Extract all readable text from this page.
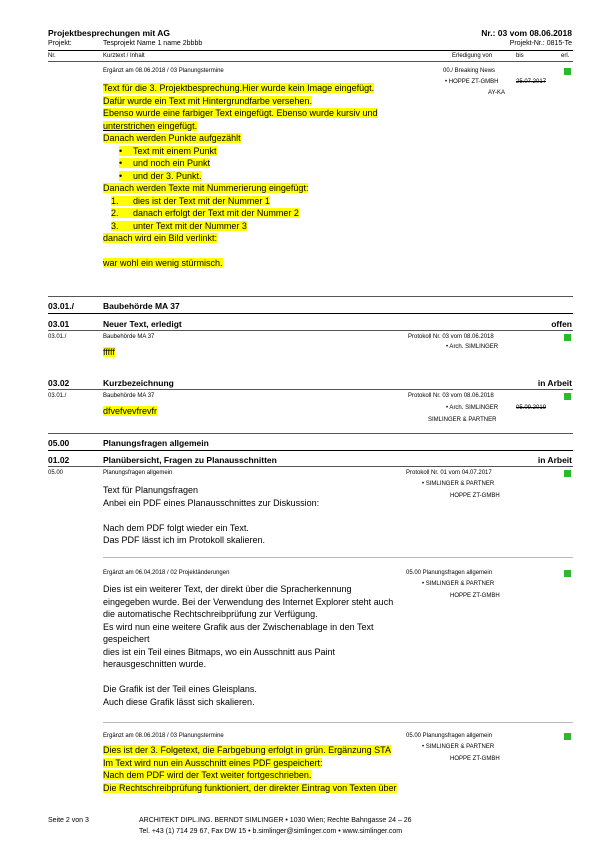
Projektbesprechungen mit AG	Nr.: 03 vom 08.06.2018
Projekt:	Tesprojekt Name 1 name 2bbbb	Projekt-Nr.: 0815-Te
Nr.	Kurztext / Inhalt	Erledigung von	bis	erl.
Ergänzt am 08.06.2018 / 03 Planungstermine	00./ Breaking News
• HOPPE ZT-GMBH
AY-KA
25.07.2017
Text für die 3. Projektbesprechung.Hier wurde kein Image eingefügt.
Dafür wurde ein Text mit Hintergrundfarbe versehen.
Ebenso wurde eine farbiger Text eingefügt. Ebenso wurde kursiv und
unterstrichen eingefügt.
Danach werden Punkte aufgezählt
• Text mit einem Punkt
• und noch ein Punkt
• und der 3. Punkt.
Danach werden Texte mit Nummerierung eingefügt:
1. dies ist der Text mit der Nummer 1
2. danach erfolgt der Text mit der Nummer 2
3. unter Text mit der Nummer 3
danach wird ein Bild verlinkt:
war wohl ein wenig stürmisch.
03.01./	Baubehörde MA 37
03.01	Neuer Text, erledigt	offen
03.01./	Baubehörde MA 37	Protokoll Nr. 03 vom 08.06.2018
• Arch. SIMLINGER
fffff
03.02	Kurzbezeichnung	in Arbeit
03.01./	Baubehörde MA 37	Protokoll Nr. 03 vom 08.06.2018
• Arch. SIMLINGER	05.09.2019
SIMLINGER & PARTNER
dfvefvevfrevfr
05.00	Planungsfragen allgemein
01.02	Planübersicht, Fragen zu Planausschnitten	in Arbeit
05.00	Planungsfragen allgemein	Protokoll Nr. 01 vom 04.07.2017
• SIMLINGER & PARTNER
HOPPE ZT-GMBH
Text für Planungsfragen
Anbei ein PDF eines Planausschnittes zur Diskussion:
Nach dem PDF folgt wieder ein Text.
Das PDF lässt ich im Protokoll skalieren.
Ergänzt am 06.04.2018 / 02 Projektänderungen	05.00 Planungsfragen allgemein
• SIMLINGER & PARTNER
HOPPE ZT-GMBH
Dies ist ein weiterer Text, der direkt über die Spracherkennung
eingegeben wurde. Bei der Verwendung des Internet Explorer steht auch
die automatische Rechtschreibprüfung zur Verfügung.
Es wird nun eine weitere Grafik aus der Zwischenablage in den Text
gespeichert
dies ist ein Teil eines Bitmaps, wo ein Ausschnitt aus Paint
herausgeschnitten wurde.
Die Grafik ist der Teil eines Gleisplans.
Auch diese Grafik lässt sich skalieren.
Ergänzt am 08.06.2018 / 03 Planungstermine	05.00 Planungsfragen allgemein
• SIMLINGER & PARTNER
HOPPE ZT-GMBH
Dies ist der 3. Folgetext, die Farbgebung erfolgt in grün. Ergänzung STA
Im Text wird nun ein Ausschnitt eines PDF gespeichert:
Nach dem PDF wird der Text weiter fortgeschrieben.
Die Rechtschreibprüfung funktioniert, der direkter Eintrag von Texten über
Seite 2 von 3	ARCHITEKT DIPL.ING. BERNDT SIMLINGER • 1030 Wien; Rechte Bahngasse 24 – 26
Tel. +43 (1) 714 29 67, Fax DW 15 • b.simlinger@simlinger.com • www.simlinger.com
